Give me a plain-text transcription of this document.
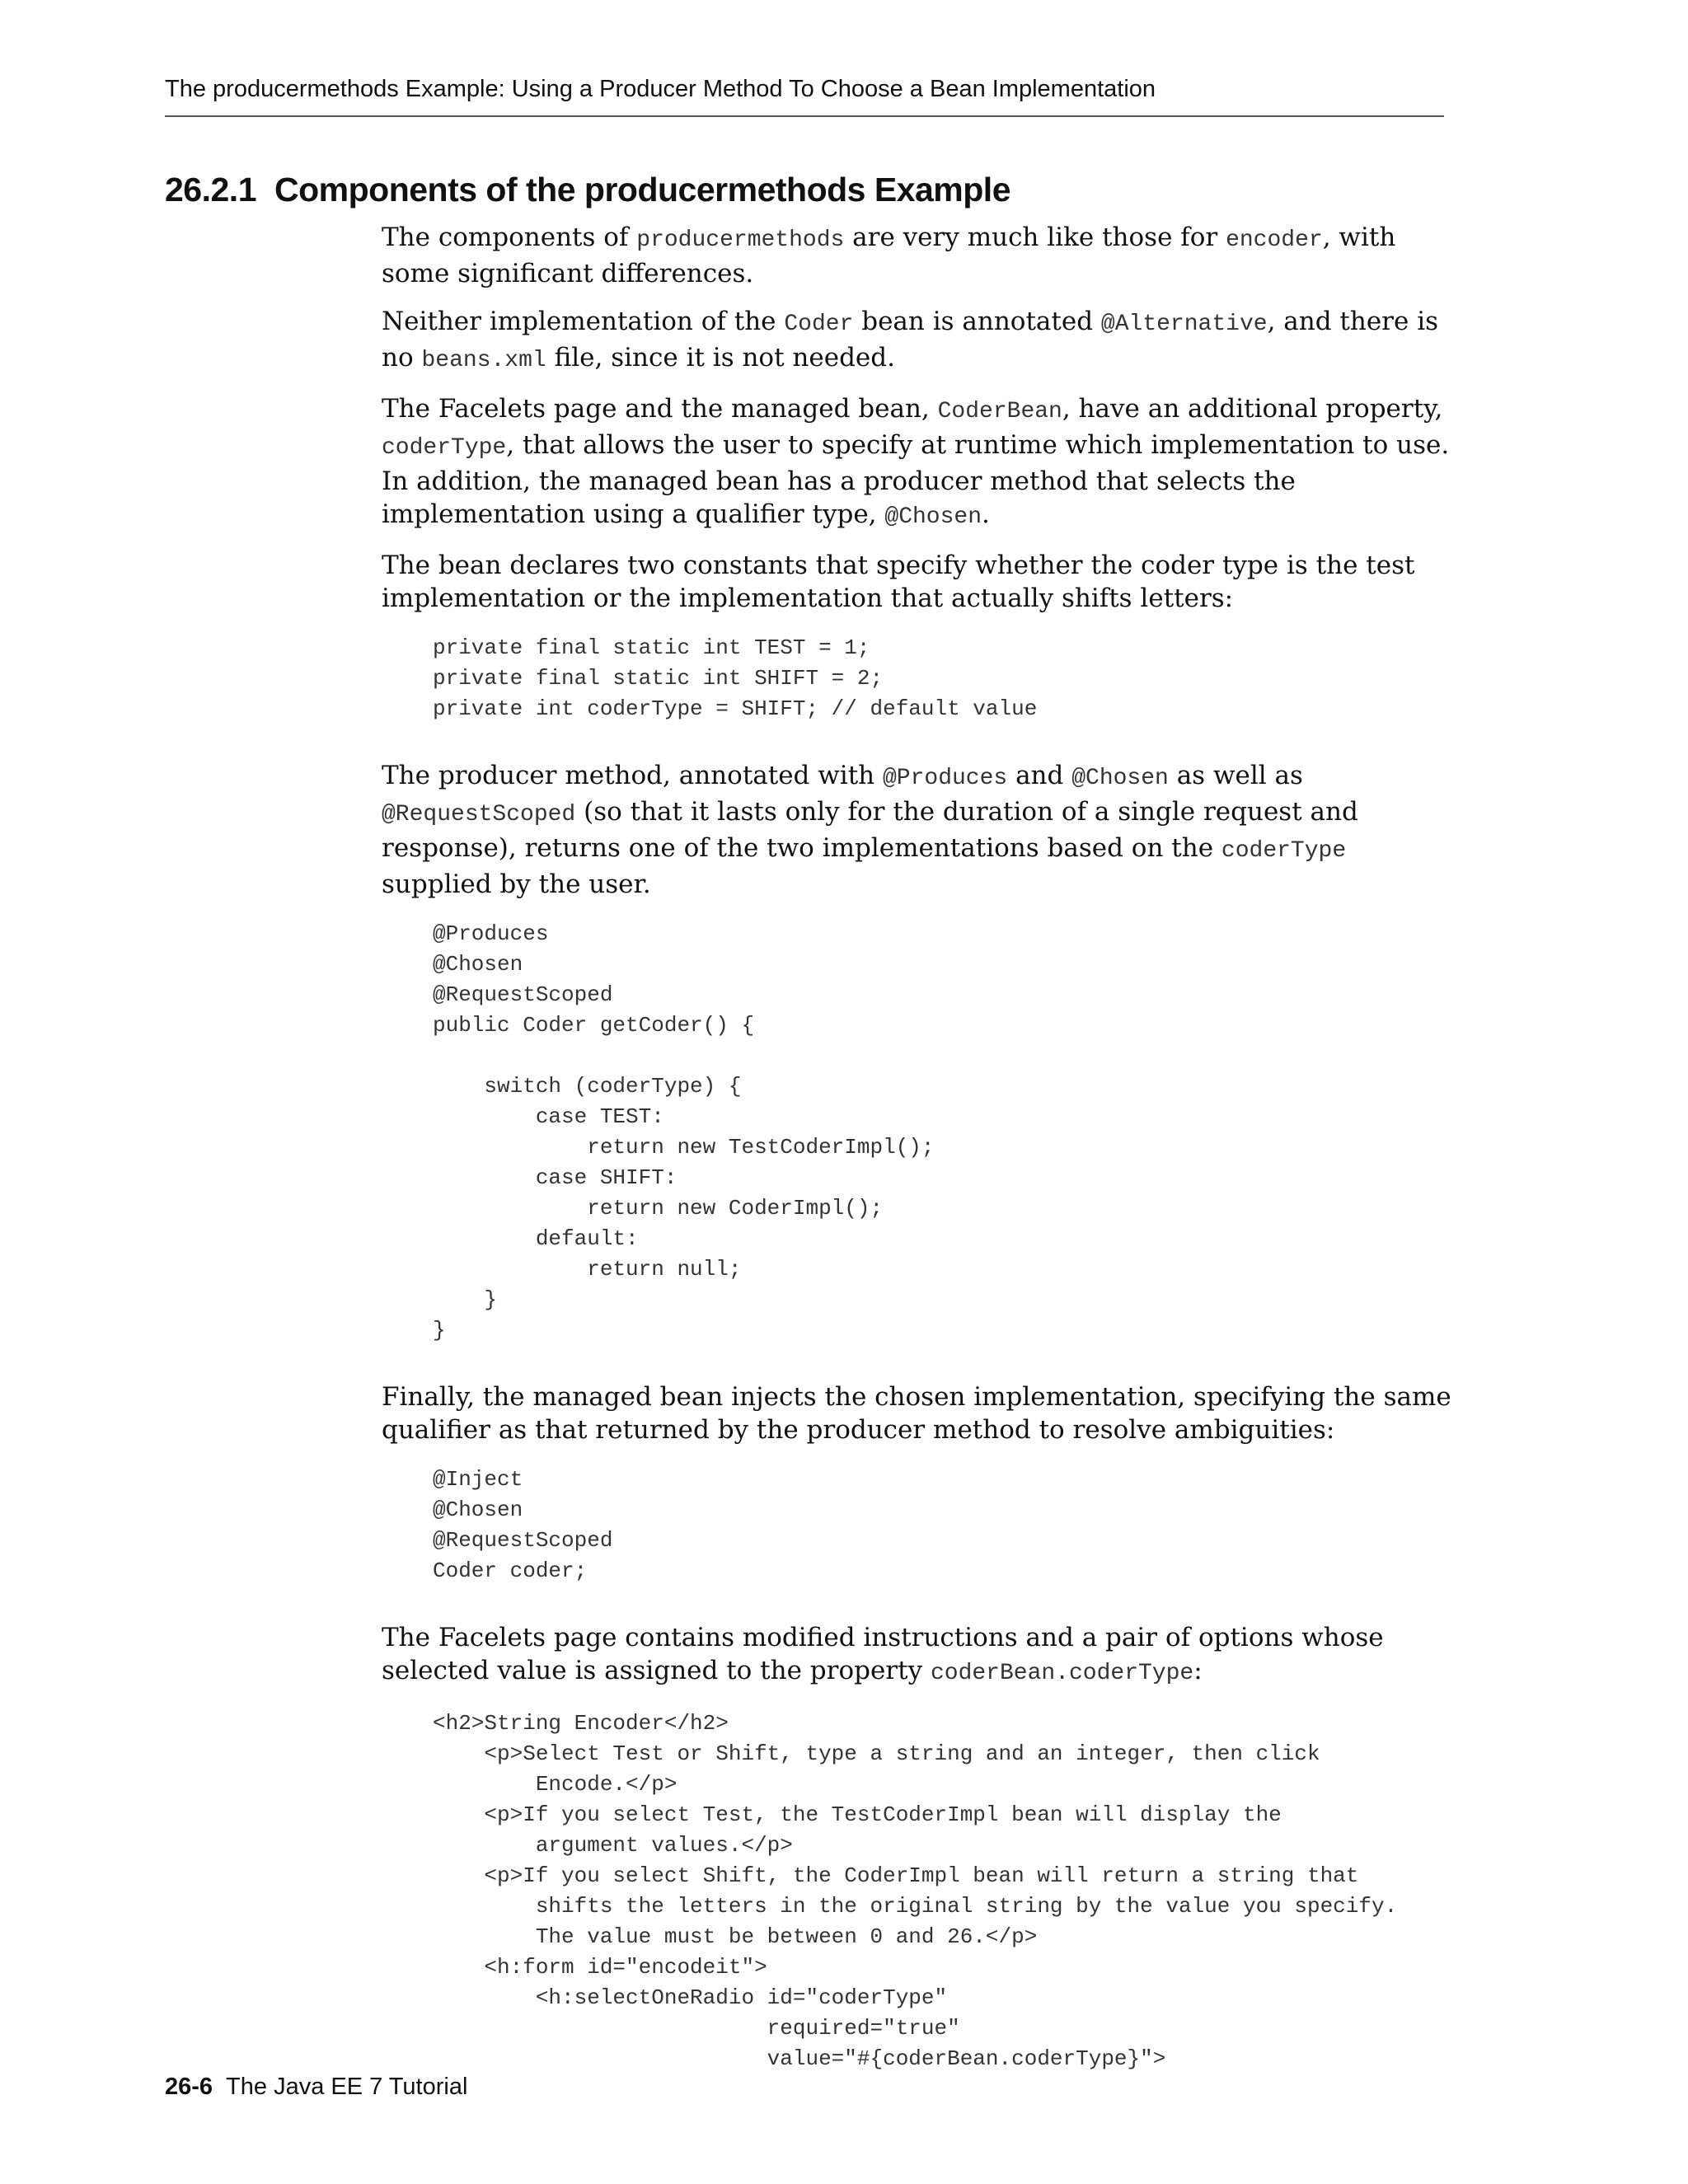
The producermethods Example: Using a Producer Method To Choose a Bean Implementation
26.2.1 Components of the producermethods Example

The components of producermethods are very much like those for encoder, with some significant differences.

Neither implementation of the Coder bean is annotated @Alternative, and there is no beans.xml file, since it is not needed.

The Facelets page and the managed bean, CoderBean, have an additional property, coderType, that allows the user to specify at runtime which implementation to use. In addition, the managed bean has a producer method that selects the implementation using a qualifier type, @Chosen.

The bean declares two constants that specify whether the coder type is the test implementation or the implementation that actually shifts letters:

private final static int TEST = 1;
private final static int SHIFT = 2;
private int coderType = SHIFT; // default value

The producer method, annotated with @Produces and @Chosen as well as @RequestScoped (so that it lasts only for the duration of a single request and response), returns one of the two implementations based on the coderType supplied by the user.

@Produces
@Chosen
@RequestScoped
public Coder getCoder() {

switch (coderType) {
case TEST:
return new TestCoderImpl();
case SHIFT:
return new CoderImpl();
default:
return null;
}
}

Finally, the managed bean injects the chosen implementation, specifying the same qualifier as that returned by the producer method to resolve ambiguities:

@Inject
@Chosen
@RequestScoped
Coder coder;

The Facelets page contains modified instructions and a pair of options whose selected value is assigned to the property coderBean.coderType:

<h2>String Encoder</h2>
<p>Select Test or Shift, type a string and an integer, then click
Encode.</p>
<p>If you select Test, the TestCoderImpl bean will display the
argument values.</p>
<p>If you select Shift, the CoderImpl bean will return a string that
shifts the letters in the original string by the value you specify.
The value must be between 0 and 26.</p>
<h:form id="encodeit">
<h:selectOneRadio id="coderType"
required="true"
value="#{coderBean.coderType}">
26-6 The Java EE 7 Tutorial
